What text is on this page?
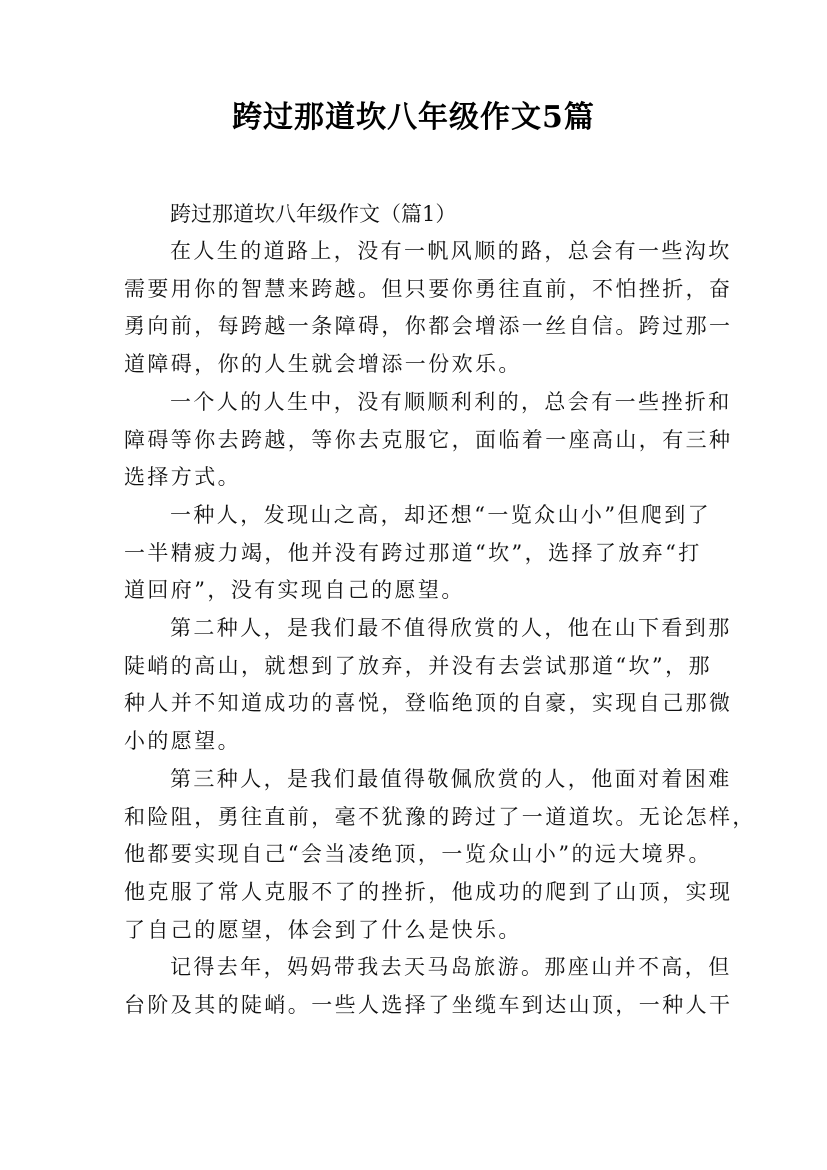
跨过那道坎八年级作文5篇

跨过那道坎八年级作文（篇1）

在人生的道路上，没有一帆风顺的路，总会有一些沟坎

需要用你的智慧来跨越。但只要你勇往直前，不怕挫折，奋

勇向前，每跨越一条障碍，你都会增添一丝自信。跨过那一

道障碍，你的人生就会增添一份欢乐。

一个人的人生中，没有顺顺利利的，总会有一些挫折和

障碍等你去跨越，等你去克服它，面临着一座高山，有三种

选择方式。

一种人，发现山之高，却还想“一览众山小”但爬到了

一半精疲力竭，他并没有跨过那道“坎”，选择了放弃“打

道回府”，没有实现自己的愿望。

第二种人，是我们最不值得欣赏的人，他在山下看到那

陡峭的高山，就想到了放弃，并没有去尝试那道“坎”，那

种人并不知道成功的喜悦，登临绝顶的自豪，实现自己那微

小的愿望。

第三种人，是我们最值得敬佩欣赏的人，他面对着困难

和险阻，勇往直前，毫不犹豫的跨过了一道道坎。无论怎样，

他都要实现自己“会当凌绝顶，一览众山小”的远大境界。

他克服了常人克服不了的挫折，他成功的爬到了山顶，实现

了自己的愿望，体会到了什么是快乐。

记得去年，妈妈带我去天马岛旅游。那座山并不高，但

台阶及其的陡峭。一些人选择了坐缆车到达山顶，一种人干
